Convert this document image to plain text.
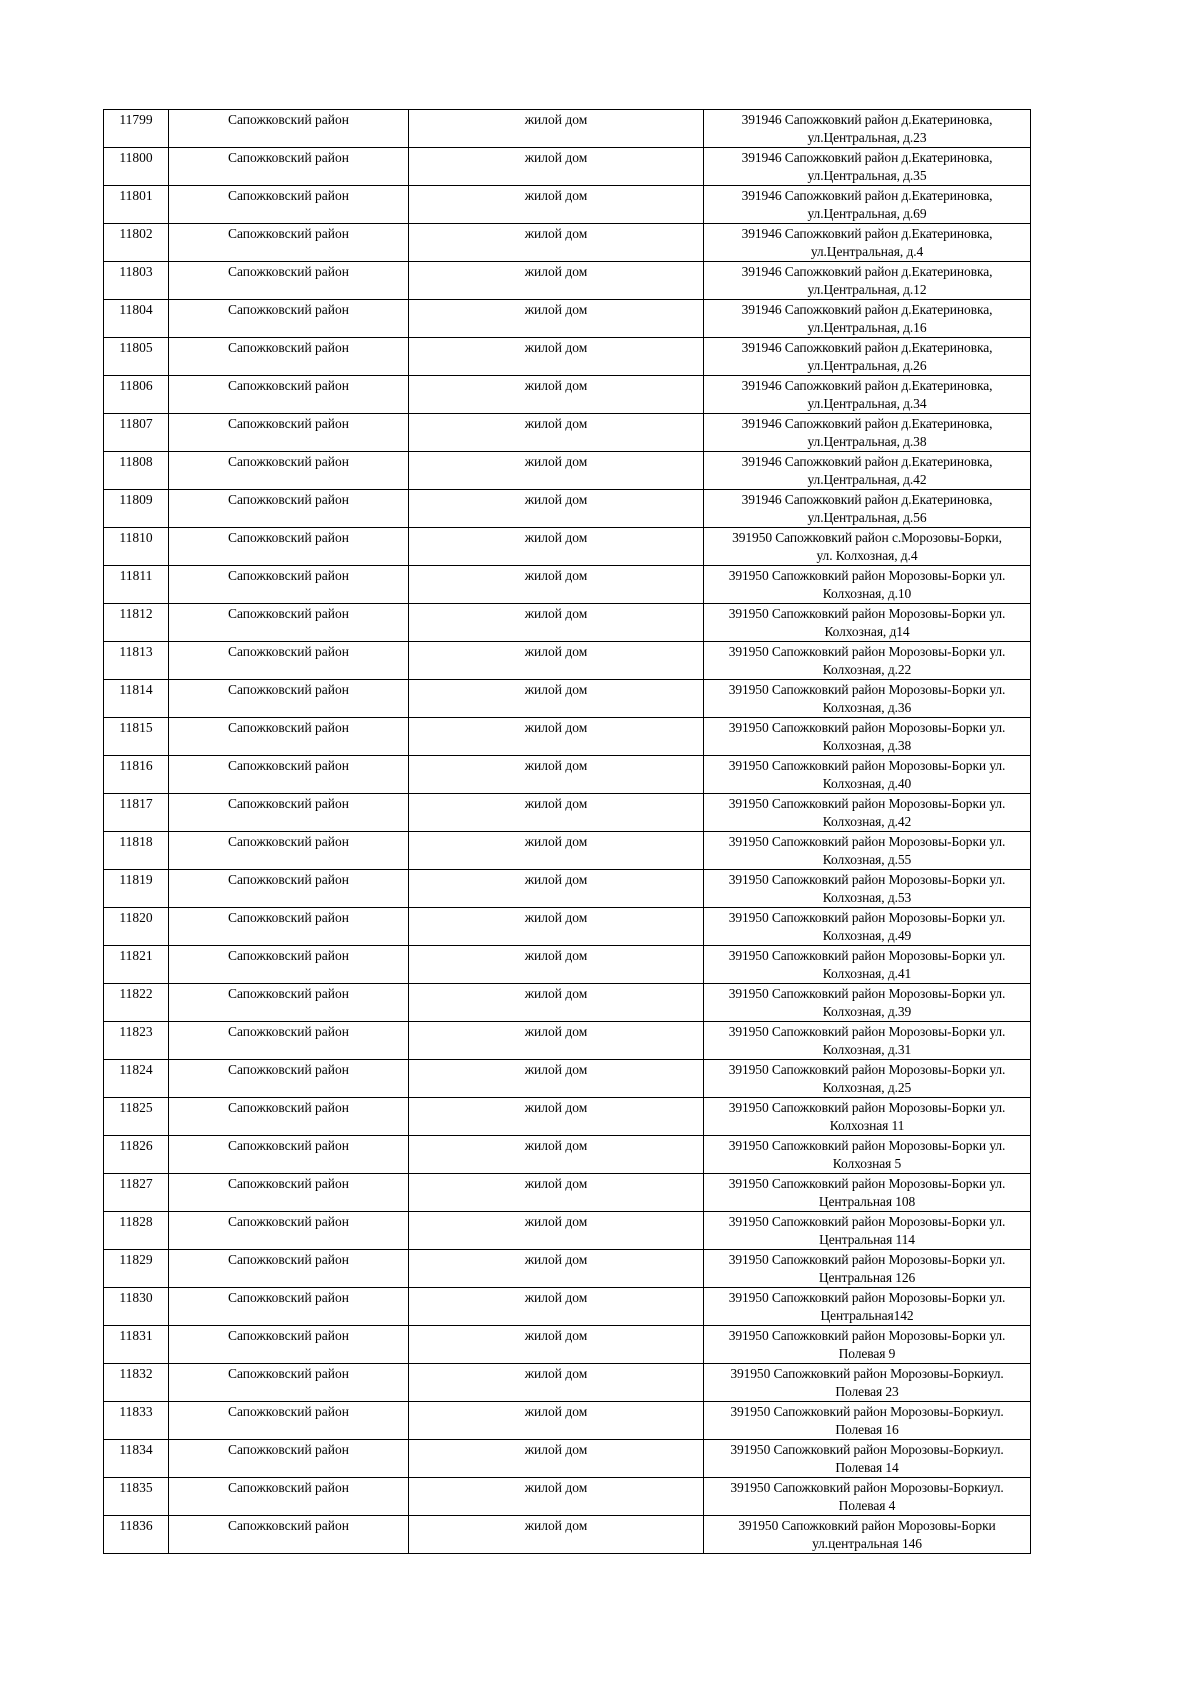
11799	Сапожковский район	жилой дом	391946 Сапожковкий район д.Екатериновка,
ул.Центральная, д.23

11800	Сапожковский район	жилой дом	391946 Сапожковкий район д.Екатериновка,
ул.Центральная, д.35

11801	Сапожковский район	жилой дом	391946 Сапожковкий район д.Екатериновка,
ул.Центральная, д.69

11802	Сапожковский район	жилой дом	391946 Сапожковкий район д.Екатериновка,
ул.Центральная, д.4

11803	Сапожковский район	жилой дом	391946 Сапожковкий район д.Екатериновка,
ул.Центральная, д.12

11804	Сапожковский район	жилой дом	391946 Сапожковкий район д.Екатериновка,
ул.Центральная, д.16

11805	Сапожковский район	жилой дом	391946 Сапожковкий район д.Екатериновка,
ул.Центральная, д.26

11806	Сапожковский район	жилой дом	391946 Сапожковкий район д.Екатериновка,
ул.Центральная, д.34

11807	Сапожковский район	жилой дом	391946 Сапожковкий район д.Екатериновка,
ул.Центральная, д.38

11808	Сапожковский район	жилой дом	391946 Сапожковкий район д.Екатериновка,
ул.Центральная, д.42

11809	Сапожковский район	жилой дом	391946 Сапожковкий район д.Екатериновка,
ул.Центральная, д.56

11810	Сапожковский район	жилой дом	391950 Сапожковкий район с.Морозовы-Борки,
ул. Колхозная, д.4

11811	Сапожковский район	жилой дом	391950 Сапожковкий район Морозовы-Борки ул.
Колхозная, д.10

11812	Сапожковский район	жилой дом	391950 Сапожковкий район Морозовы-Борки ул.
Колхозная, д14

11813	Сапожковский район	жилой дом	391950 Сапожковкий район Морозовы-Борки ул.
Колхозная, д.22

11814	Сапожковский район	жилой дом	391950 Сапожковкий район Морозовы-Борки ул.
Колхозная, д.36

11815	Сапожковский район	жилой дом	391950 Сапожковкий район Морозовы-Борки ул.
Колхозная, д.38

11816	Сапожковский район	жилой дом	391950 Сапожковкий район Морозовы-Борки ул.
Колхозная, д.40

11817	Сапожковский район	жилой дом	391950 Сапожковкий район Морозовы-Борки ул.
Колхозная, д.42

11818	Сапожковский район	жилой дом	391950 Сапожковкий район Морозовы-Борки ул.
Колхозная, д.55

11819	Сапожковский район	жилой дом	391950 Сапожковкий район Морозовы-Борки ул.
Колхозная, д.53

11820	Сапожковский район	жилой дом	391950 Сапожковкий район Морозовы-Борки ул.
Колхозная, д.49

11821	Сапожковский район	жилой дом	391950 Сапожковкий район Морозовы-Борки ул.
Колхозная, д.41

11822	Сапожковский район	жилой дом	391950 Сапожковкий район Морозовы-Борки ул.
Колхозная, д.39

11823	Сапожковский район	жилой дом	391950 Сапожковкий район Морозовы-Борки ул.
Колхозная, д.31

11824	Сапожковский район	жилой дом	391950 Сапожковкий район Морозовы-Борки ул.
Колхозная, д.25

11825	Сапожковский район	жилой дом	391950 Сапожковкий район Морозовы-Борки ул.
Колхозная 11

11826	Сапожковский район	жилой дом	391950 Сапожковкий район Морозовы-Борки ул.
Колхозная 5

11827	Сапожковский район	жилой дом	391950 Сапожковкий район Морозовы-Борки ул.
Центральная 108

11828	Сапожковский район	жилой дом	391950 Сапожковкий район Морозовы-Борки ул.
Центральная 114

11829	Сапожковский район	жилой дом	391950 Сапожковкий район Морозовы-Борки ул.
Центральная 126

11830	Сапожковский район	жилой дом	391950 Сапожковкий район Морозовы-Борки ул.
Центральная142

11831	Сапожковский район	жилой дом	391950 Сапожковкий район Морозовы-Борки ул.
Полевая 9

11832	Сапожковский район	жилой дом	391950 Сапожковкий район Морозовы-Боркиул.
Полевая 23

11833	Сапожковский район	жилой дом	391950 Сапожковкий район Морозовы-Боркиул.
Полевая 16

11834	Сапожковский район	жилой дом	391950 Сапожковкий район Морозовы-Боркиул.
Полевая 14

11835	Сапожковский район	жилой дом	391950 Сапожковкий район Морозовы-Боркиул.
Полевая 4

11836	Сапожковский район	жилой дом	391950 Сапожковкий район Морозовы-Борки
ул.центральная 146
